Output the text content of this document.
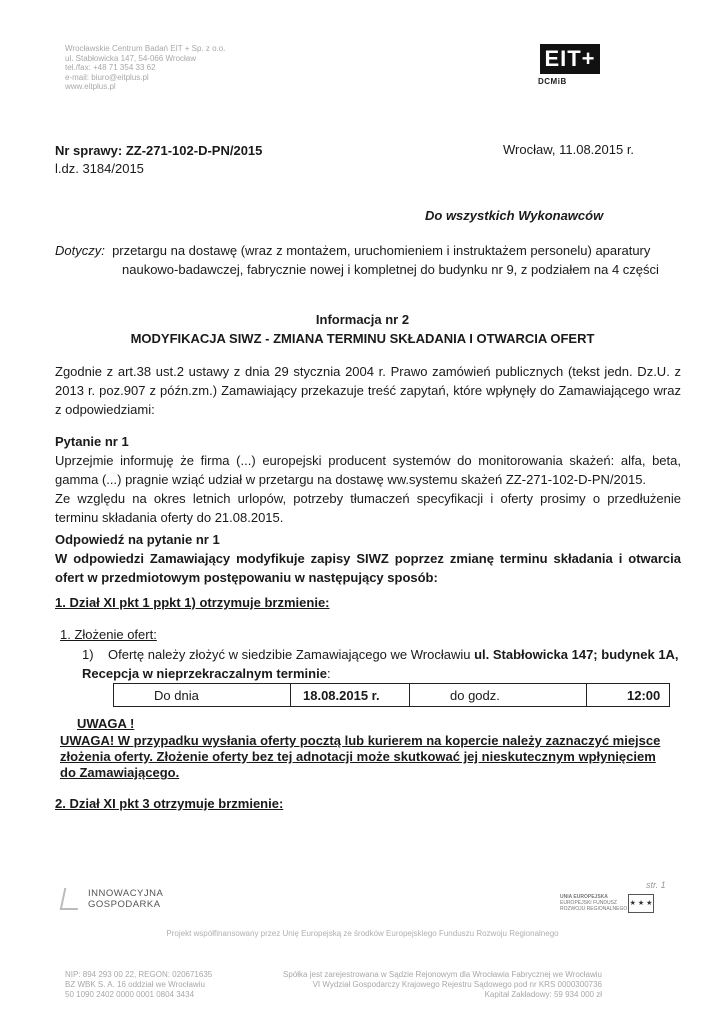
Wrocławskie Centrum Badań EIT + Sp. z o.o.
ul. Stabłowicka 147, 54-066 Wrocław
tel./fax: +48 71 354 33 62
e-mail: biuro@eitplus.pl
www.eitplus.pl
EIT+
DCMiB
Nr sprawy: ZZ-271-102-D-PN/2015
l.dz. 3184/2015
Wrocław, 11.08.2015 r.
Do wszystkich Wykonawców
Dotyczy: przetargu na dostawę (wraz z montażem, uruchomieniem i instruktażem personelu) aparatury
naukowo-badawczej, fabrycznie nowej i kompletnej do budynku nr 9, z podziałem na 4 części
Informacja nr 2
MODYFIKACJA SIWZ - ZMIANA TERMINU SKŁADANIA I OTWARCIA OFERT
Zgodnie z art.38 ust.2 ustawy z dnia 29 stycznia 2004 r. Prawo zamówień publicznych (tekst jedn. Dz.U. z 2013 r. poz.907 z późn.zm.) Zamawiający przekazuje treść zapytań, które wpłynęły do Zamawiającego wraz z odpowiedziami:
Pytanie nr 1
Uprzejmie informuję że firma (...) europejski producent systemów do monitorowania skażeń: alfa, beta, gamma (...) pragnie wziąć udział w przetargu na dostawę ww.systemu skażeń ZZ-271-102-D-PN/2015.
Ze względu na okres letnich urlopów, potrzeby tłumaczeń specyfikacji i oferty prosimy o przedłużenie terminu składania oferty do 21.08.2015.
Odpowiedź na pytanie nr 1
W odpowiedzi Zamawiający modyfikuje zapisy SIWZ poprzez zmianę terminu składania i otwarcia ofert w przedmiotowym postępowaniu w następujący sposób:
1. Dział XI pkt 1 ppkt 1) otrzymuje brzmienie:
1. Złożenie ofert:
1) Ofertę należy złożyć w siedzibie Zamawiającego we Wrocławiu ul. Stabłowicka 147; budynek 1A, Recepcja w nieprzekraczalnym terminie:
Do dnia	18.08.2015 r.	do godz.	12:00
UWAGA !
UWAGA! W przypadku wysłania oferty pocztą lub kurierem na kopercie należy zaznaczyć miejsce złożenia oferty. Złożenie oferty bez tej adnotacji może skutkować jej nieskutecznym wpłynięciem do Zamawiającego.
2. Dział XI pkt 3 otrzymuje brzmienie:
str. 1
INNOWACYJNA
GOSPODARKA
UNIA EUROPEJSKA
EUROPEJSKI FUNDUSZ
ROZWOJU REGIONALNEGO
★ ★ ★
Projekt współfinansowany przez Unię Europejską ze środków Europejskiego Funduszu Rozwoju Regionalnego
NIP: 894 293 00 22, REGON: 020671635
BZ WBK S. A. 16 oddział we Wrocławiu
50 1090 2402 0000 0001 0804 3434
Spółka jest zarejestrowana w Sądzie Rejonowym dla Wrocławia Fabrycznej we Wrocławiu
VI Wydział Gospodarczy Krajowego Rejestru Sądowego pod nr KRS 0000300736
Kapitał Zakładowy: 59 934 000 zł
